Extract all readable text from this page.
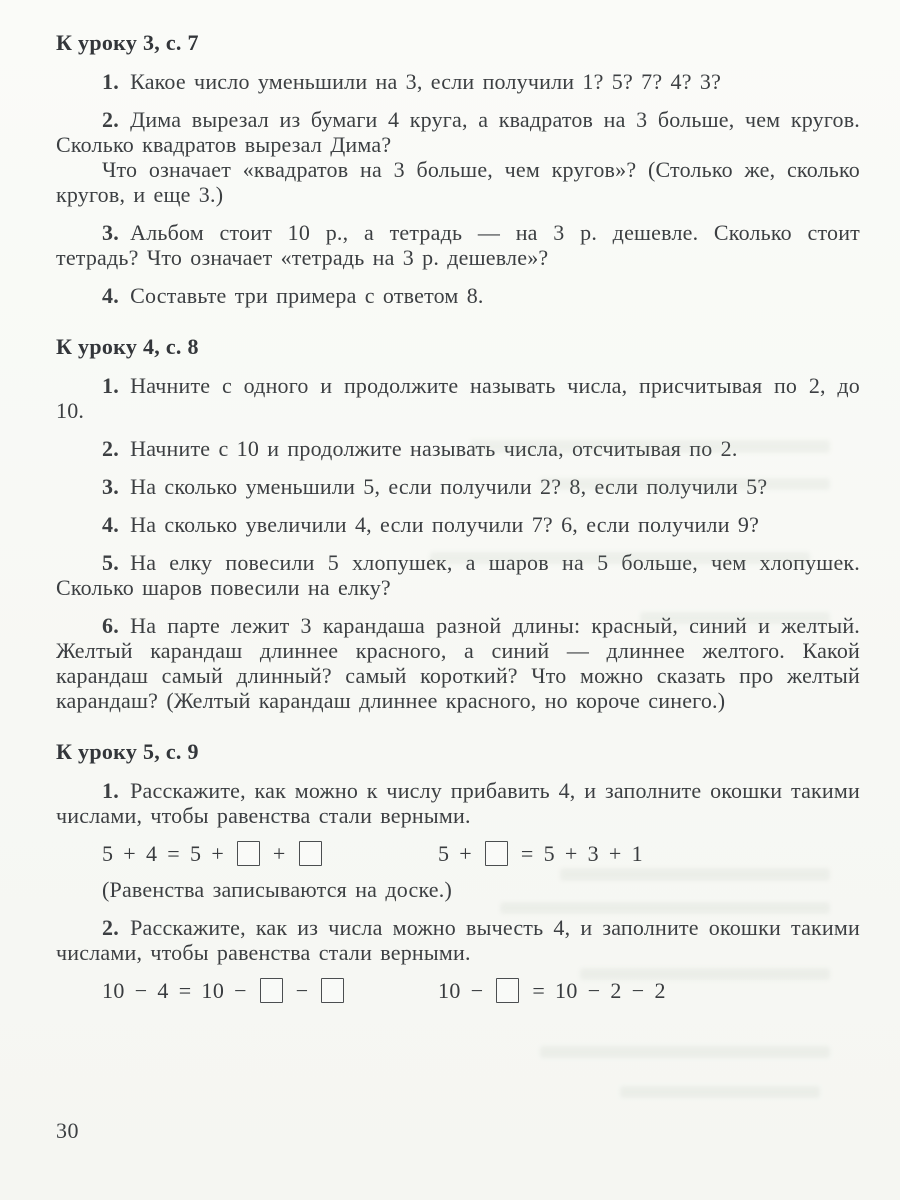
К уроку 3, с. 7

1. Какое число уменьшили на 3, если получили 1? 5? 7? 4? 3?

2. Дима вырезал из бумаги 4 круга, а квадратов на 3 больше, чем кругов. Сколько квадратов вырезал Дима?

Что означает «квадратов на 3 больше, чем кругов»? (Столько же, сколько кругов, и еще 3.)

3. Альбом стоит 10 р., а тетрадь — на 3 р. дешевле. Сколько стоит тетрадь? Что означает «тетрадь на 3 р. дешевле»?

4. Составьте три примера с ответом 8.

К уроку 4, с. 8

1. Начните с одного и продолжите называть числа, присчитывая по 2, до 10.

2. Начните с 10 и продолжите называть числа, отсчитывая по 2.

3. На сколько уменьшили 5, если получили 2? 8, если получили 5?

4. На сколько увеличили 4, если получили 7? 6, если получили 9?

5. На елку повесили 5 хлопушек, а шаров на 5 больше, чем хлопушек. Сколько шаров повесили на елку?

6. На парте лежит 3 карандаша разной длины: красный, синий и желтый. Желтый карандаш длиннее красного, а синий — длиннее желтого. Какой карандаш самый длинный? самый короткий? Что можно сказать про желтый карандаш? (Желтый карандаш длиннее красного, но короче синего.)

К уроку 5, с. 9

1. Расскажите, как можно к числу прибавить 4, и заполните окошки такими числами, чтобы равенства стали верными.

5 + 4 = 5 +  +	5 +  = 5 + 3 + 1

(Равенства записываются на доске.)

2. Расскажите, как из числа можно вычесть 4, и заполните окошки такими числами, чтобы равенства стали верными.

10 − 4 = 10 −  −	10 −  = 10 − 2 − 2
30
